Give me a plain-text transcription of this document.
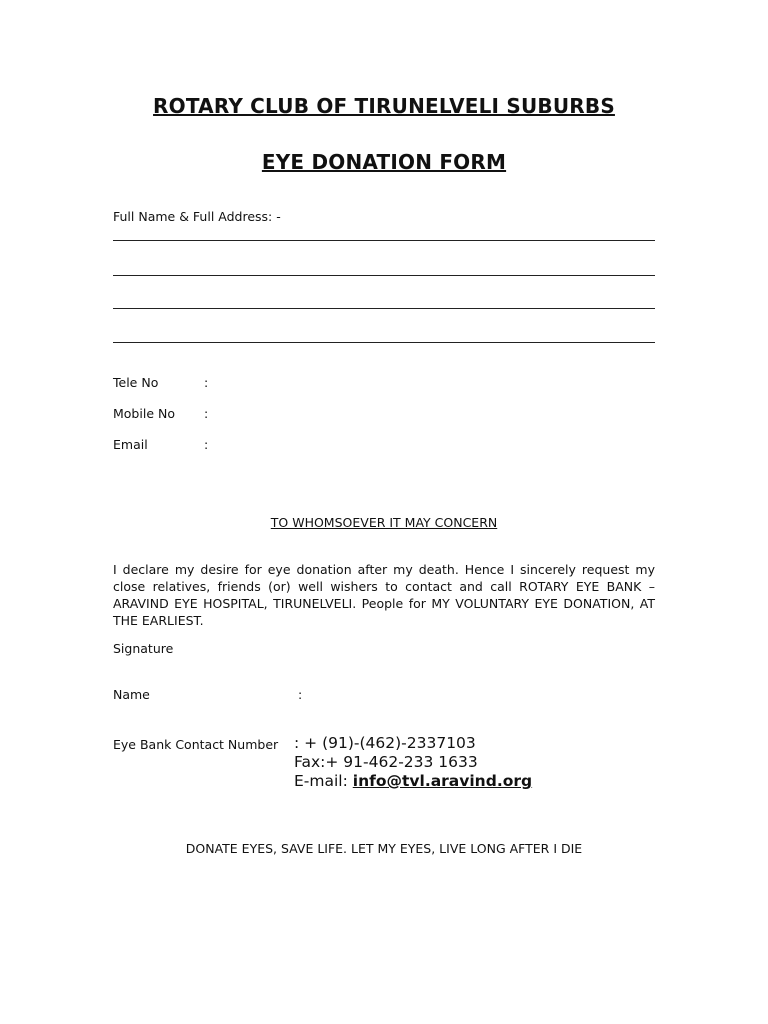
ROTARY CLUB OF TIRUNELVELI SUBURBS
EYE DONATION FORM
Full Name & Full Address: -
Tele No	:
Mobile No :
Email	:
TO WHOMSOEVER IT MAY CONCERN
I declare my desire for eye donation after my death. Hence I sincerely request my close relatives, friends (or) well wishers to contact and call ROTARY EYE BANK – ARAVIND EYE HOSPITAL, TIRUNELVELI. People for MY VOLUNTARY EYE DONATION, AT THE EARLIEST.
Signature
Name	:
Eye Bank Contact Number : + (91)-(462)-2337103
Fax:+ 91-462-233 1633
E-mail: info@tvl.aravind.org
DONATE EYES, SAVE LIFE. LET MY EYES, LIVE LONG AFTER I DIE
